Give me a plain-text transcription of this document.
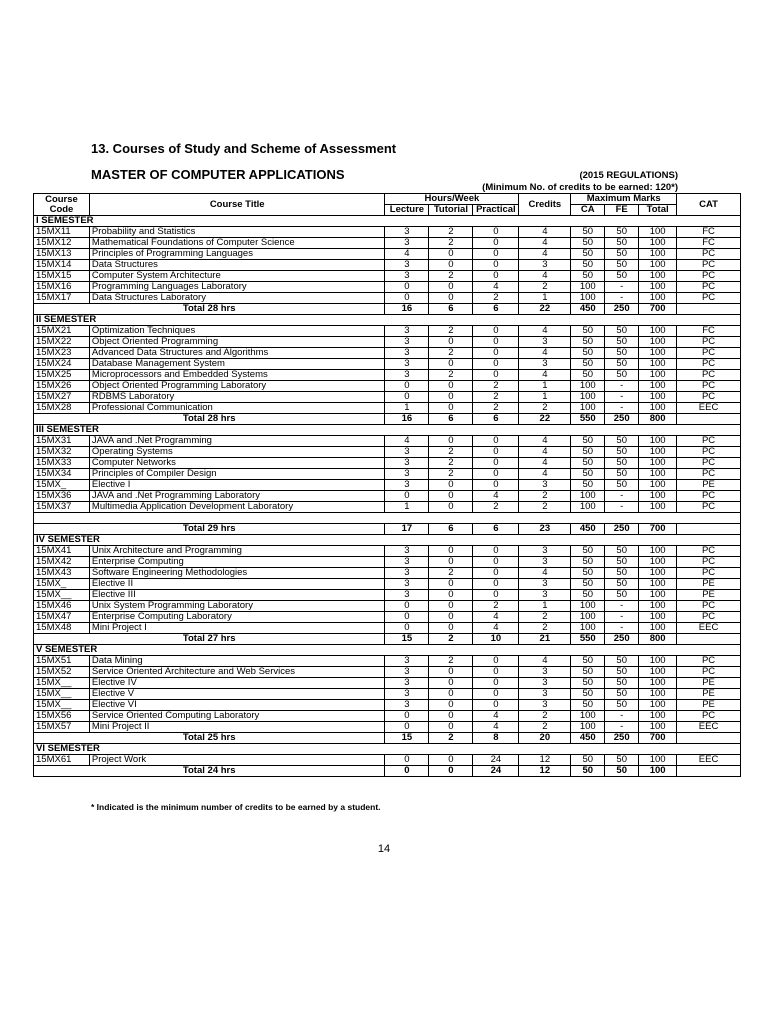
13. Courses of Study and Scheme of Assessment
MASTER OF COMPUTER APPLICATIONS	(2015 REGULATIONS)
(Minimum No. of credits to be earned: 120*)
Course Code	Course Title	Hours/Week			Credits	Maximum Marks			CAT
		Lecture	Tutorial	Practical		CA	FE	Total	
I SEMESTER									
15MX11	Probability and Statistics	3	2	0	4	50	50	100	FC
15MX12	Mathematical Foundations of Computer Science	3	2	0	4	50	50	100	FC
15MX13	Principles of Programming Languages	4	0	0	4	50	50	100	PC
15MX14	Data Structures	3	0	0	3	50	50	100	PC
15MX15	Computer System Architecture	3	2	0	4	50	50	100	PC
15MX16	Programming Languages Laboratory	0	0	4	2	100	-	100	PC
15MX17	Data Structures Laboratory	0	0	2	1	100	-	100	PC
Total 28 hrs		16	6	6	22	450	250	700	
II SEMESTER									
15MX21	Optimization Techniques	3	2	0	4	50	50	100	FC
15MX22	Object Oriented Programming	3	0	0	3	50	50	100	PC
15MX23	Advanced Data Structures and Algorithms	3	2	0	4	50	50	100	PC
15MX24	Database Management System	3	0	0	3	50	50	100	PC
15MX25	Microprocessors and Embedded Systems	3	2	0	4	50	50	100	PC
15MX26	Object Oriented Programming Laboratory	0	0	2	1	100	-	100	PC
15MX27	RDBMS Laboratory	0	0	2	1	100	-	100	PC
15MX28	Professional Communication	1	0	2	2	100	-	100	EEC
Total 28 hrs		16	6	6	22	550	250	800	
III SEMESTER									
15MX31	JAVA and .Net Programming	4	0	0	4	50	50	100	PC
15MX32	Operating Systems	3	2	0	4	50	50	100	PC
15MX33	Computer Networks	3	2	0	4	50	50	100	PC
15MX34	Principles of Compiler Design	3	2	0	4	50	50	100	PC
15MX_	Elective I	3	0	0	3	50	50	100	PE
15MX36	JAVA and .Net Programming Laboratory	0	0	4	2	100	-	100	PC
15MX37	Multimedia Application Development Laboratory	1	0	2	2	100	-	100	PC

Total 29 hrs		17	6	6	23	450	250	700	
IV SEMESTER									
15MX41	Unix Architecture and Programming	3	0	0	3	50	50	100	PC
15MX42	Enterprise Computing	3	0	0	3	50	50	100	PC
15MX43	Software Engineering Methodologies	3	2	0	4	50	50	100	PC
15MX_	Elective II	3	0	0	3	50	50	100	PE
15MX__	Elective III	3	0	0	3	50	50	100	PE
15MX46	Unix System Programming Laboratory	0	0	2	1	100	-	100	PC
15MX47	Enterprise Computing Laboratory	0	0	4	2	100	-	100	PC
15MX48	Mini Project I	0	0	4	2	100	-	100	EEC
Total 27 hrs		15	2	10	21	550	250	800	
V SEMESTER									
15MX51	Data Mining	3	2	0	4	50	50	100	PC
15MX52	Service Oriented Architecture and Web Services	3	0	0	3	50	50	100	PC
15MX__	Elective IV	3	0	0	3	50	50	100	PE
15MX__	Elective V	3	0	0	3	50	50	100	PE
15MX__	Elective VI	3	0	0	3	50	50	100	PE
15MX56	Service Oriented Computing Laboratory	0	0	4	2	100	-	100	PC
15MX57	Mini Project II	0	0	4	2	100	-	100	EEC
Total 25 hrs		15	2	8	20	450	250	700	
VI SEMESTER									
15MX61	Project Work	0	0	24	12	50	50	100	EEC
Total 24 hrs		0	0	24	12	50	50	100	
* Indicated is the minimum number of credits to be earned by a student.
14
